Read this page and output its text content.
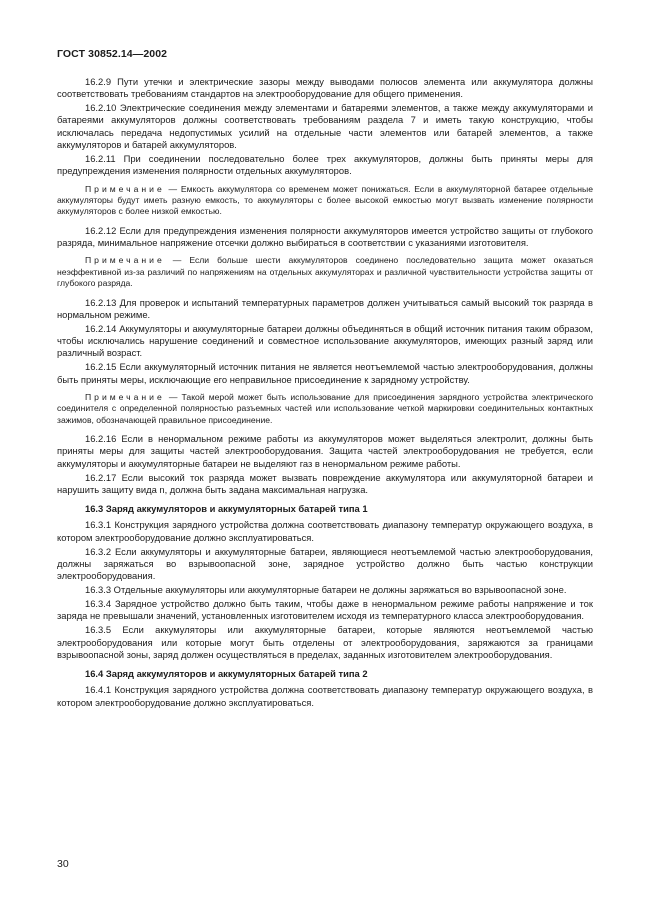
ГОСТ 30852.14—2002

16.2.9 Пути утечки и электрические зазоры между выводами полюсов элемента или аккумулятора должны соответствовать требованиям стандартов на электрооборудование для общего применения.

16.2.10 Электрические соединения между элементами и батареями элементов, а также между аккумуляторами и батареями аккумуляторов должны соответствовать требованиям раздела 7 и иметь такую конструкцию, чтобы исключалась передача недопустимых усилий на отдельные части элементов или батарей элементов, а также аккумуляторов и батарей аккумуляторов.

16.2.11 При соединении последовательно более трех аккумуляторов, должны быть приняты меры для предупреждения изменения полярности отдельных аккумуляторов.

Примечание — Емкость аккумулятора со временем может понижаться. Если в аккумуляторной батарее отдельные аккумуляторы будут иметь разную емкость, то аккумуляторы с более высокой емкостью могут вызвать изменение полярности аккумуляторов с более низкой емкостью.

16.2.12 Если для предупреждения изменения полярности аккумуляторов имеется устройство защиты от глубокого разряда, минимальное напряжение отсечки должно выбираться в соответствии с указаниями изготовителя.

Примечание — Если больше шести аккумуляторов соединено последовательно защита может оказаться неэффективной из-за различий по напряжениям на отдельных аккумуляторах и различной чувствительности устройства защиты от глубокого разряда.

16.2.13 Для проверок и испытаний температурных параметров должен учитываться самый высокий ток разряда в нормальном режиме.

16.2.14 Аккумуляторы и аккумуляторные батареи должны объединяться в общий источник питания таким образом, чтобы исключались нарушение соединений и совместное использование аккумуляторов, имеющих разный заряд или различный возраст.

16.2.15 Если аккумуляторный источник питания не является неотъемлемой частью электрооборудования, должны быть приняты меры, исключающие его неправильное присоединение к зарядному устройству.

Примечание — Такой мерой может быть использование для присоединения зарядного устройства электрического соединителя с определенной полярностью разъемных частей или использование четкой маркировки соединительных контактных зажимов, обозначающей правильное присоединение.

16.2.16 Если в ненормальном режиме работы из аккумуляторов может выделяться электролит, должны быть приняты меры для защиты частей электрооборудования. Защита частей электрооборудования не требуется, если аккумуляторы и аккумуляторные батареи не выделяют газ в ненормальном режиме работы.

16.2.17 Если высокий ток разряда может вызвать повреждение аккумулятора или аккумуляторной батареи и нарушить защиту вида n, должна быть задана максимальная нагрузка.

16.3 Заряд аккумуляторов и аккумуляторных батарей типа 1

16.3.1 Конструкция зарядного устройства должна соответствовать диапазону температур окружающего воздуха, в котором электрооборудование должно эксплуатироваться.

16.3.2 Если аккумуляторы и аккумуляторные батареи, являющиеся неотъемлемой частью электрооборудования, должны заряжаться во взрывоопасной зоне, зарядное устройство должно быть частью конструкции электрооборудования.

16.3.3 Отдельные аккумуляторы или аккумуляторные батареи не должны заряжаться во взрывоопасной зоне.

16.3.4 Зарядное устройство должно быть таким, чтобы даже в ненормальном режиме работы напряжение и ток заряда не превышали значений, установленных изготовителем исходя из температурного класса электрооборудования.

16.3.5 Если аккумуляторы или аккумуляторные батареи, которые являются неотъемлемой частью электрооборудования или которые могут быть отделены от электрооборудования, заряжаются за границами взрывоопасной зоны, заряд должен осуществляться в пределах, заданных изготовителем электрооборудования.

16.4 Заряд аккумуляторов и аккумуляторных батарей типа 2

16.4.1 Конструкция зарядного устройства должна соответствовать диапазону температур окружающего воздуха, в котором электрооборудование должно эксплуатироваться.

30
